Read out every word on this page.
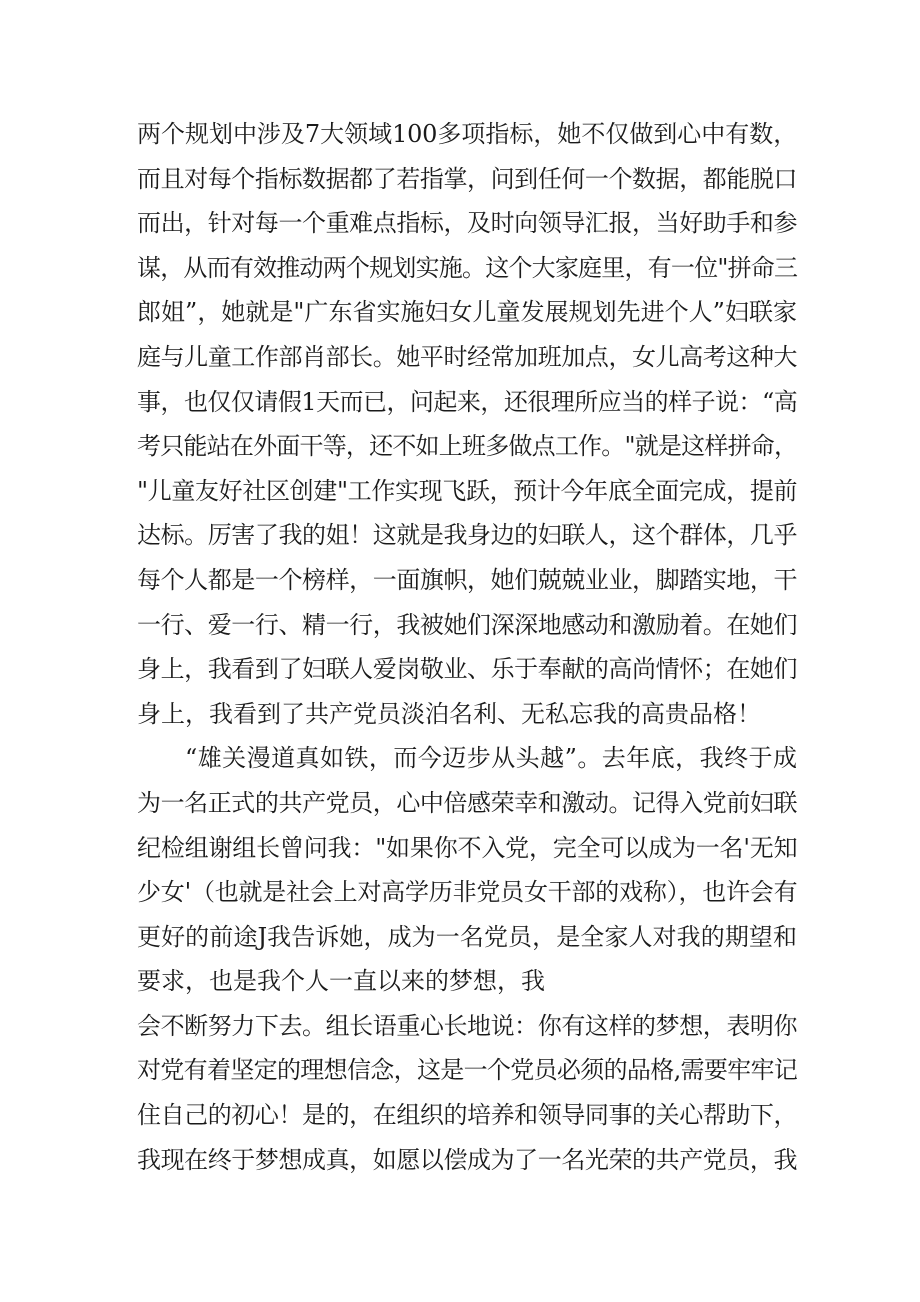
两个规划中涉及7大领域100多项指标，她不仅做到心中有数，
而且对每个指标数据都了若指掌，问到任何一个数据，都能脱口
而出，针对每一个重难点指标，及时向领导汇报，当好助手和参
谋，从而有效推动两个规划实施。这个大家庭里，有一位"拼命三
郎姐”，她就是"广东省实施妇女儿童发展规划先进个人”妇联家
庭与儿童工作部肖部长。她平时经常加班加点，女儿高考这种大
事，也仅仅请假1天而已，问起来，还很理所应当的样子说：“高
考只能站在外面干等，还不如上班多做点工作。"就是这样拼命，
"儿童友好社区创建"工作实现飞跃，预计今年底全面完成，提前
达标。厉害了我的姐！这就是我身边的妇联人，这个群体，几乎
每个人都是一个榜样，一面旗帜，她们兢兢业业，脚踏实地，干
一行、爱一行、精一行，我被她们深深地感动和激励着。在她们
身上，我看到了妇联人爱岗敬业、乐于奉献的高尚情怀；在她们
身上，我看到了共产党员淡泊名利、无私忘我的高贵品格！
“雄关漫道真如铁，而今迈步从头越”。去年底，我终于成
为一名正式的共产党员，心中倍感荣幸和激动。记得入党前妇联
纪检组谢组长曾问我："如果你不入党，完全可以成为一名'无知
少女'（也就是社会上对高学历非党员女干部的戏称），也许会有
更好的前途J我告诉她，成为一名党员，是全家人对我的期望和
要求，也是我个人一直以来的梦想，我
会不断努力下去。组长语重心长地说：你有这样的梦想，表明你
对党有着坚定的理想信念，这是一个党员必须的品格,需要牢牢记
住自己的初心！是的，在组织的培养和领导同事的关心帮助下，
我现在终于梦想成真，如愿以偿成为了一名光荣的共产党员，我
